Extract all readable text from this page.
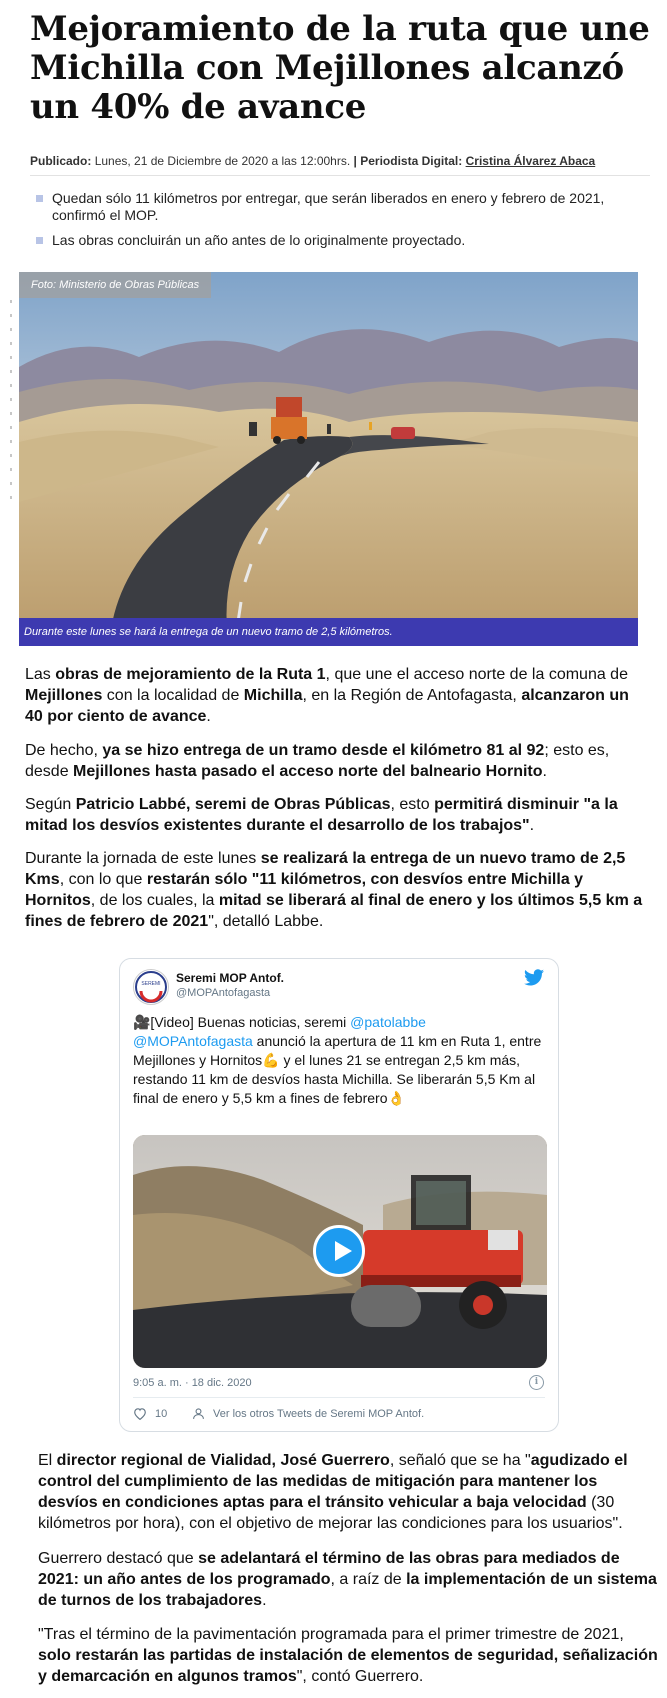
Mejoramiento de la ruta que une Michilla con Mejillones alcanzó un 40% de avance
Publicado: Lunes, 21 de Diciembre de 2020 a las 12:00hrs. | Periodista Digital: Cristina Álvarez Abaca
Quedan sólo 11 kilómetros por entregar, que serán liberados en enero y febrero de 2021, confirmó el MOP.
Las obras concluirán un año antes de lo originalmente proyectado.
Foto: Ministerio de Obras Públicas
Durante este lunes se hará la entrega de un nuevo tramo de 2,5 kilómetros.

Las obras de mejoramiento de la Ruta 1, que une el acceso norte de la comuna de Mejillones con la localidad de Michilla, en la Región de Antofagasta, alcanzaron un 40 por ciento de avance.

De hecho, ya se hizo entrega de un tramo desde el kilómetro 81 al 92; esto es, desde Mejillones hasta pasado el acceso norte del balneario Hornito.

Según Patricio Labbé, seremi de Obras Públicas, esto permitirá disminuir "a la mitad los desvíos existentes durante el desarrollo de los trabajos".

Durante la jornada de este lunes se realizará la entrega de un nuevo tramo de 2,5 Kms, con lo que restarán sólo "11 kilómetros, con desvíos entre Michilla y Hornitos, de los cuales, la mitad se liberará al final de enero y los últimos 5,5 km a fines de febrero de 2021", detalló Labbe.

SEREMI Seremi MOP Antof.
@MOPAntofagasta
🎥[Video] Buenas noticias, seremi @patolabbe @MOPAntofagasta anunció la apertura de 11 km en Ruta 1, entre Mejillones y Hornitos💪 y el lunes 21 se entregan 2,5 km más, restando 11 km de desvíos hasta Michilla. Se liberarán 5,5 Km al final de enero y 5,5 km a fines de febrero👌
9:05 a. m. · 18 dic. 2020	i
10	Ver los otros Tweets de Seremi MOP Antof.

El director regional de Vialidad, José Guerrero, señaló que se ha "agudizado el control del cumplimiento de las medidas de mitigación para mantener los desvíos en condiciones aptas para el tránsito vehicular a baja velocidad (30 kilómetros por hora), con el objetivo de mejorar las condiciones para los usuarios".

Guerrero destacó que se adelantará el término de las obras para mediados de 2021: un año antes de los programado, a raíz de la implementación de un sistema de turnos de los trabajadores.

"Tras el término de la pavimentación programada para el primer trimestre de 2021, solo restarán las partidas de instalación de elementos de seguridad, señalización y demarcación en algunos tramos", contó Guerrero.
